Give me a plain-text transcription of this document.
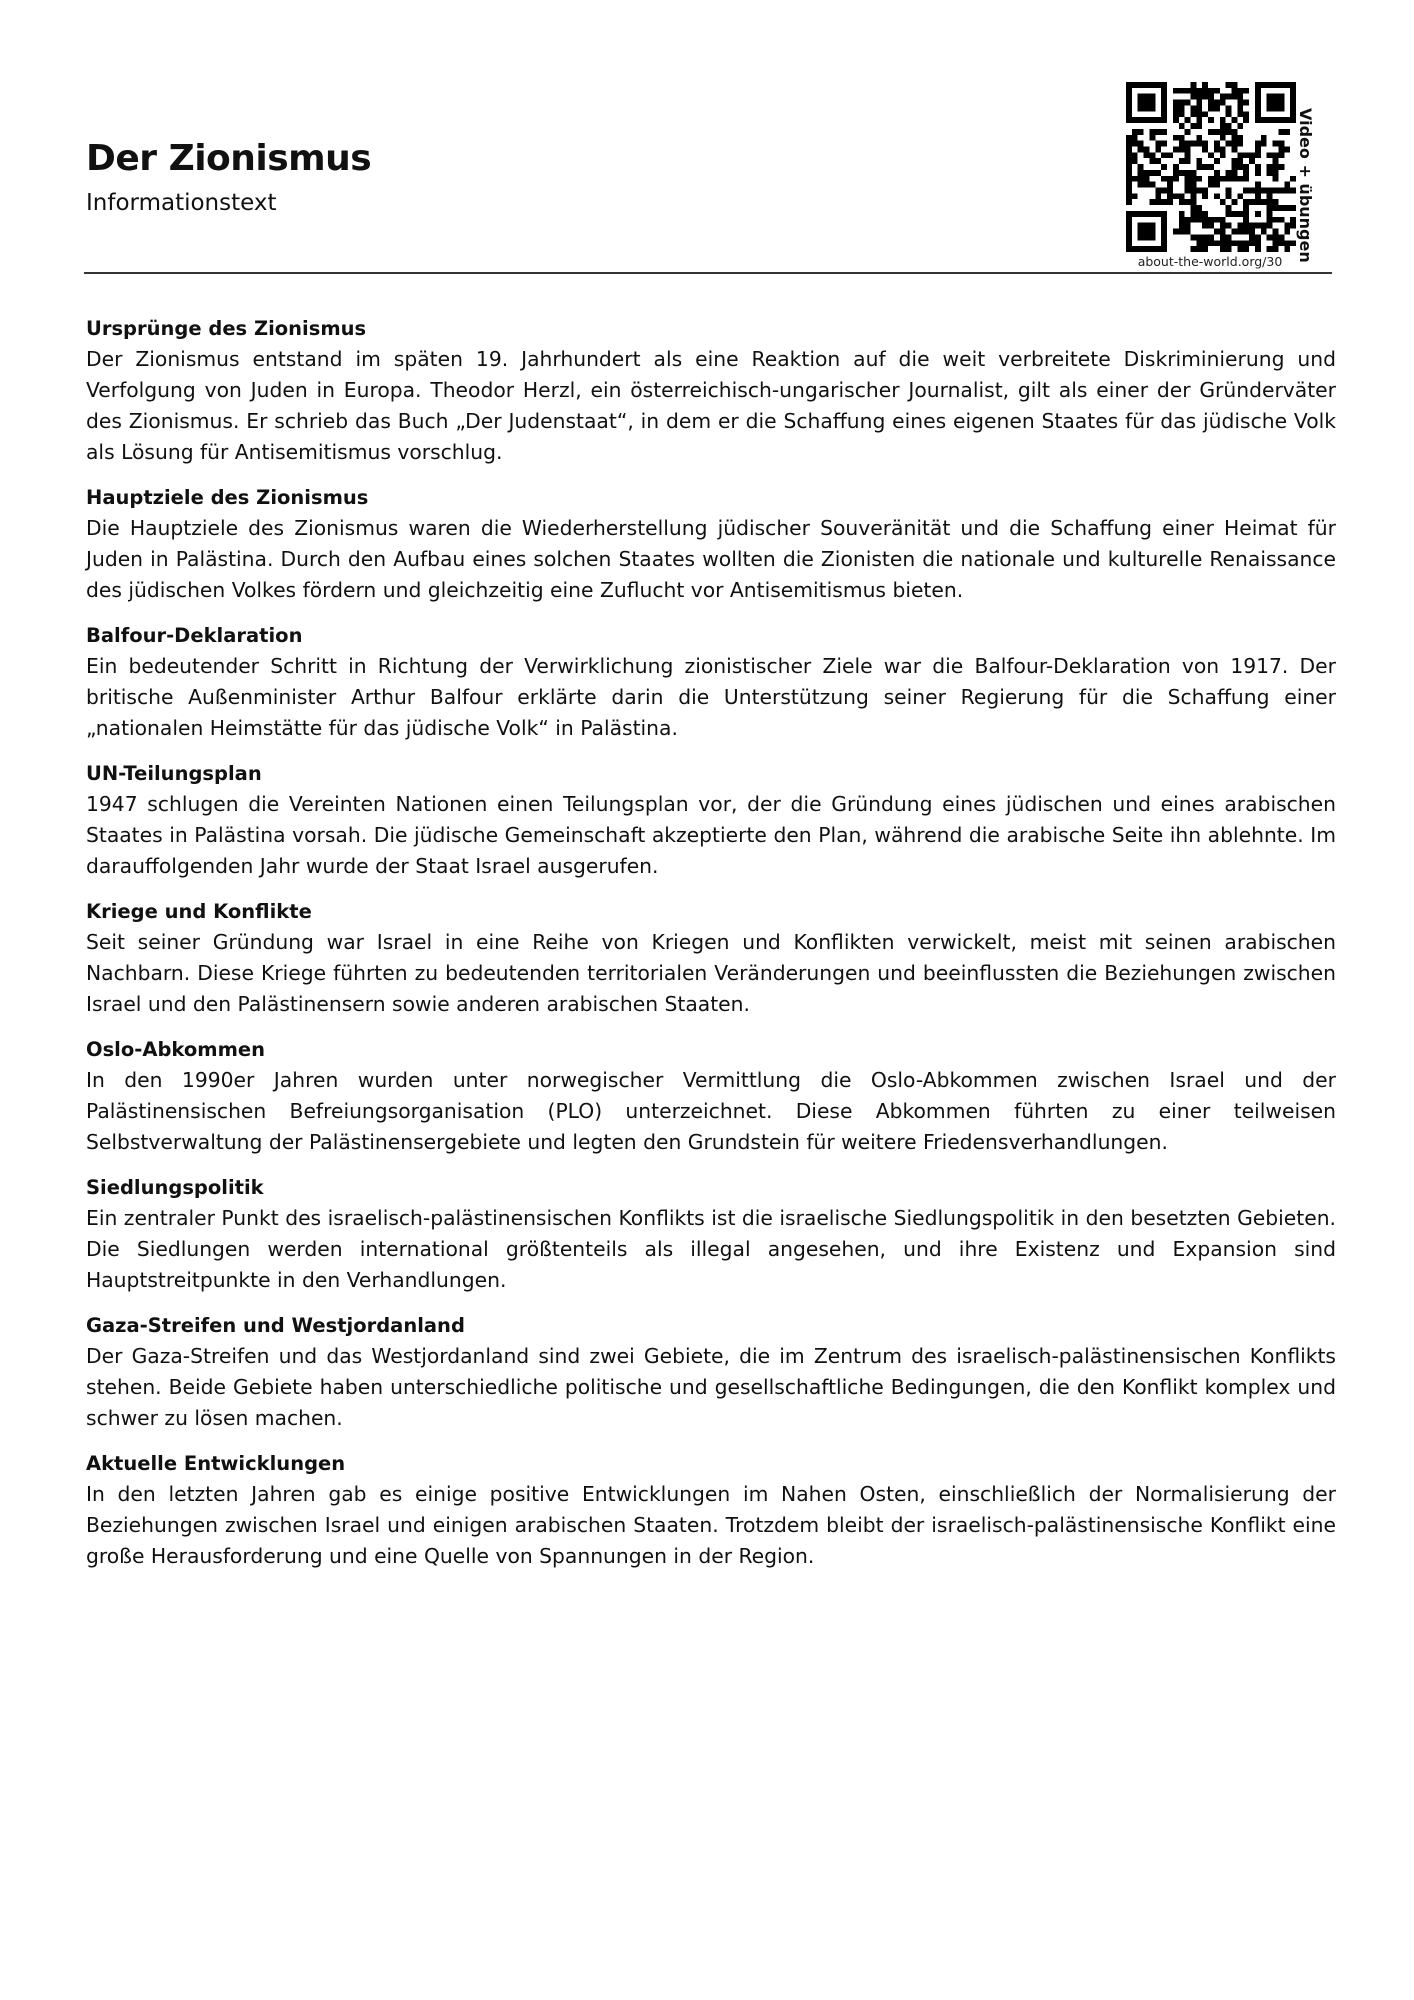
Der Zionismus

Informationstext

about-the-world.org/30 Video + übungen
Ursprünge des Zionismus

Der Zionismus entstand im späten 19. Jahrhundert als eine Reaktion auf die weit verbreitete Diskriminierung und Verfolgung von Juden in Europa. Theodor Herzl, ein österreichisch-ungarischer Journalist, gilt als einer der Gründerväter des Zionismus. Er schrieb das Buch „Der Judenstaat“, in dem er die Schaffung eines eigenen Staates für das jüdische Volk als Lösung für Antisemitismus vorschlug.

Hauptziele des Zionismus

Die Hauptziele des Zionismus waren die Wiederherstellung jüdischer Souveränität und die Schaffung einer Heimat für Juden in Palästina. Durch den Aufbau eines solchen Staates wollten die Zionisten die nationale und kulturelle Renaissance des jüdischen Volkes fördern und gleichzeitig eine Zuflucht vor Antisemitismus bieten.

Balfour-Deklaration

Ein bedeutender Schritt in Richtung der Verwirklichung zionistischer Ziele war die Balfour-Deklaration von 1917. Der britische Außenminister Arthur Balfour erklärte darin die Unterstützung seiner Regierung für die Schaffung einer „nationalen Heimstätte für das jüdische Volk“ in Palästina.

UN-Teilungsplan

1947 schlugen die Vereinten Nationen einen Teilungsplan vor, der die Gründung eines jüdischen und eines arabischen Staates in Palästina vorsah. Die jüdische Gemeinschaft akzeptierte den Plan, während die arabische Seite ihn ablehnte. Im darauffolgenden Jahr wurde der Staat Israel ausgerufen.

Kriege und Konflikte

Seit seiner Gründung war Israel in eine Reihe von Kriegen und Konflikten verwickelt, meist mit seinen arabischen Nachbarn. Diese Kriege führten zu bedeutenden territorialen Veränderungen und beeinflussten die Beziehungen zwischen Israel und den Palästinensern sowie anderen arabischen Staaten.

Oslo-Abkommen

In den 1990er Jahren wurden unter norwegischer Vermittlung die Oslo-Abkommen zwischen Israel und der Palästinensischen Befreiungsorganisation (PLO) unterzeichnet. Diese Abkommen führten zu einer teilweisen Selbstverwaltung der Palästinensergebiete und legten den Grundstein für weitere Friedensverhandlungen.

Siedlungspolitik

Ein zentraler Punkt des israelisch-palästinensischen Konflikts ist die israelische Siedlungspolitik in den besetzten Gebieten. Die Siedlungen werden international größtenteils als illegal angesehen, und ihre Existenz und Expansion sind Hauptstreitpunkte in den Verhandlungen.

Gaza-Streifen und Westjordanland

Der Gaza-Streifen und das Westjordanland sind zwei Gebiete, die im Zentrum des israelisch-palästinensischen Konflikts stehen. Beide Gebiete haben unterschiedliche politische und gesellschaftliche Bedingungen, die den Konflikt komplex und schwer zu lösen machen.

Aktuelle Entwicklungen

In den letzten Jahren gab es einige positive Entwicklungen im Nahen Osten, einschließlich der Normalisierung der Beziehungen zwischen Israel und einigen arabischen Staaten. Trotzdem bleibt der israelisch-palästinensische Konflikt eine große Herausforderung und eine Quelle von Spannungen in der Region.
